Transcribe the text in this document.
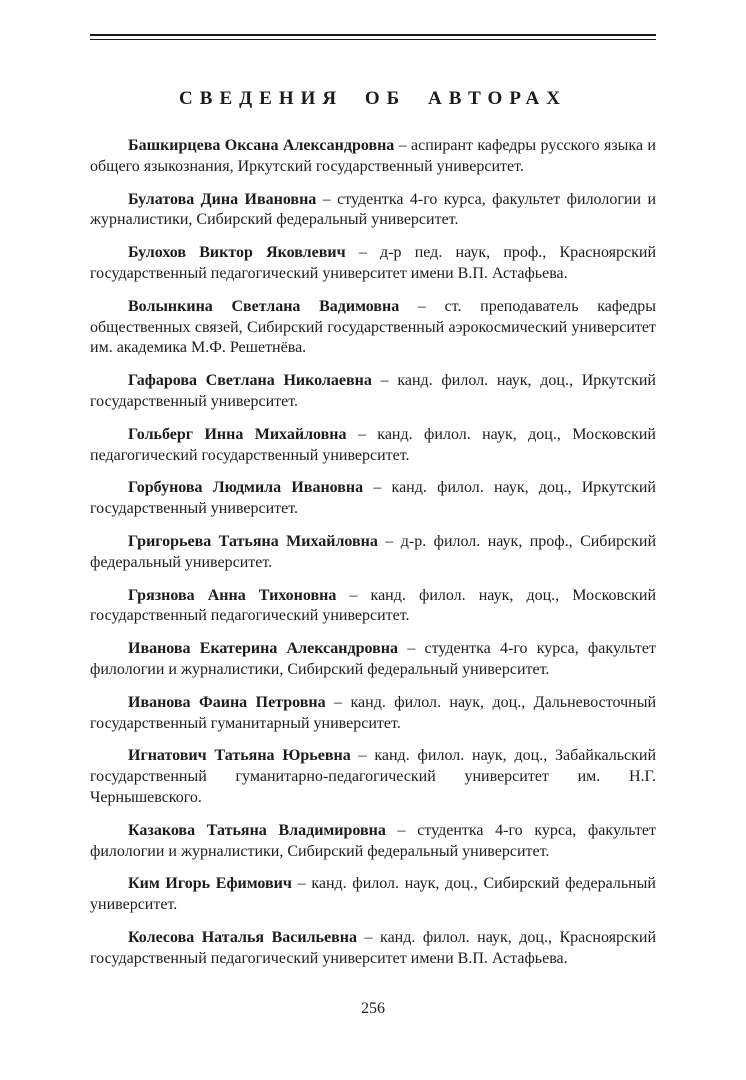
СВЕДЕНИЯ ОБ АВТОРАХ

Башкирцева Оксана Александровна – аспирант кафедры русского языка и общего языкознания, Иркутский государственный университет.

Булатова Дина Ивановна – студентка 4-го курса, факультет филологии и журналистики, Сибирский федеральный университет.

Булохов Виктор Яковлевич – д-р пед. наук, проф., Красноярский государственный педагогический университет имени В.П. Астафьева.

Волынкина Светлана Вадимовна – ст. преподаватель кафедры общественных связей, Сибирский государственный аэрокосмический университет им. академика М.Ф. Решетнёва.

Гафарова Светлана Николаевна – канд. филол. наук, доц., Иркутский государственный университет.

Гольберг Инна Михайловна – канд. филол. наук, доц., Московский педагогический государственный университет.

Горбунова Людмила Ивановна – канд. филол. наук, доц., Иркутский государственный университет.

Григорьева Татьяна Михайловна – д-р. филол. наук, проф., Сибирский федеральный университет.

Грязнова Анна Тихоновна – канд. филол. наук, доц., Московский государственный педагогический университет.

Иванова Екатерина Александровна – студентка 4-го курса, факультет филологии и журналистики, Сибирский федеральный университет.

Иванова Фаина Петровна – канд. филол. наук, доц., Дальневосточный государственный гуманитарный университет.

Игнатович Татьяна Юрьевна – канд. филол. наук, доц., Забайкальский государственный гуманитарно-педагогический университет им. Н.Г. Чернышевского.

Казакова Татьяна Владимировна – студентка 4-го курса, факультет филологии и журналистики, Сибирский федеральный университет.

Ким Игорь Ефимович – канд. филол. наук, доц., Сибирский федеральный университет.

Колесова Наталья Васильевна – канд. филол. наук, доц., Красноярский государственный педагогический университет имени В.П. Астафьева.

256
